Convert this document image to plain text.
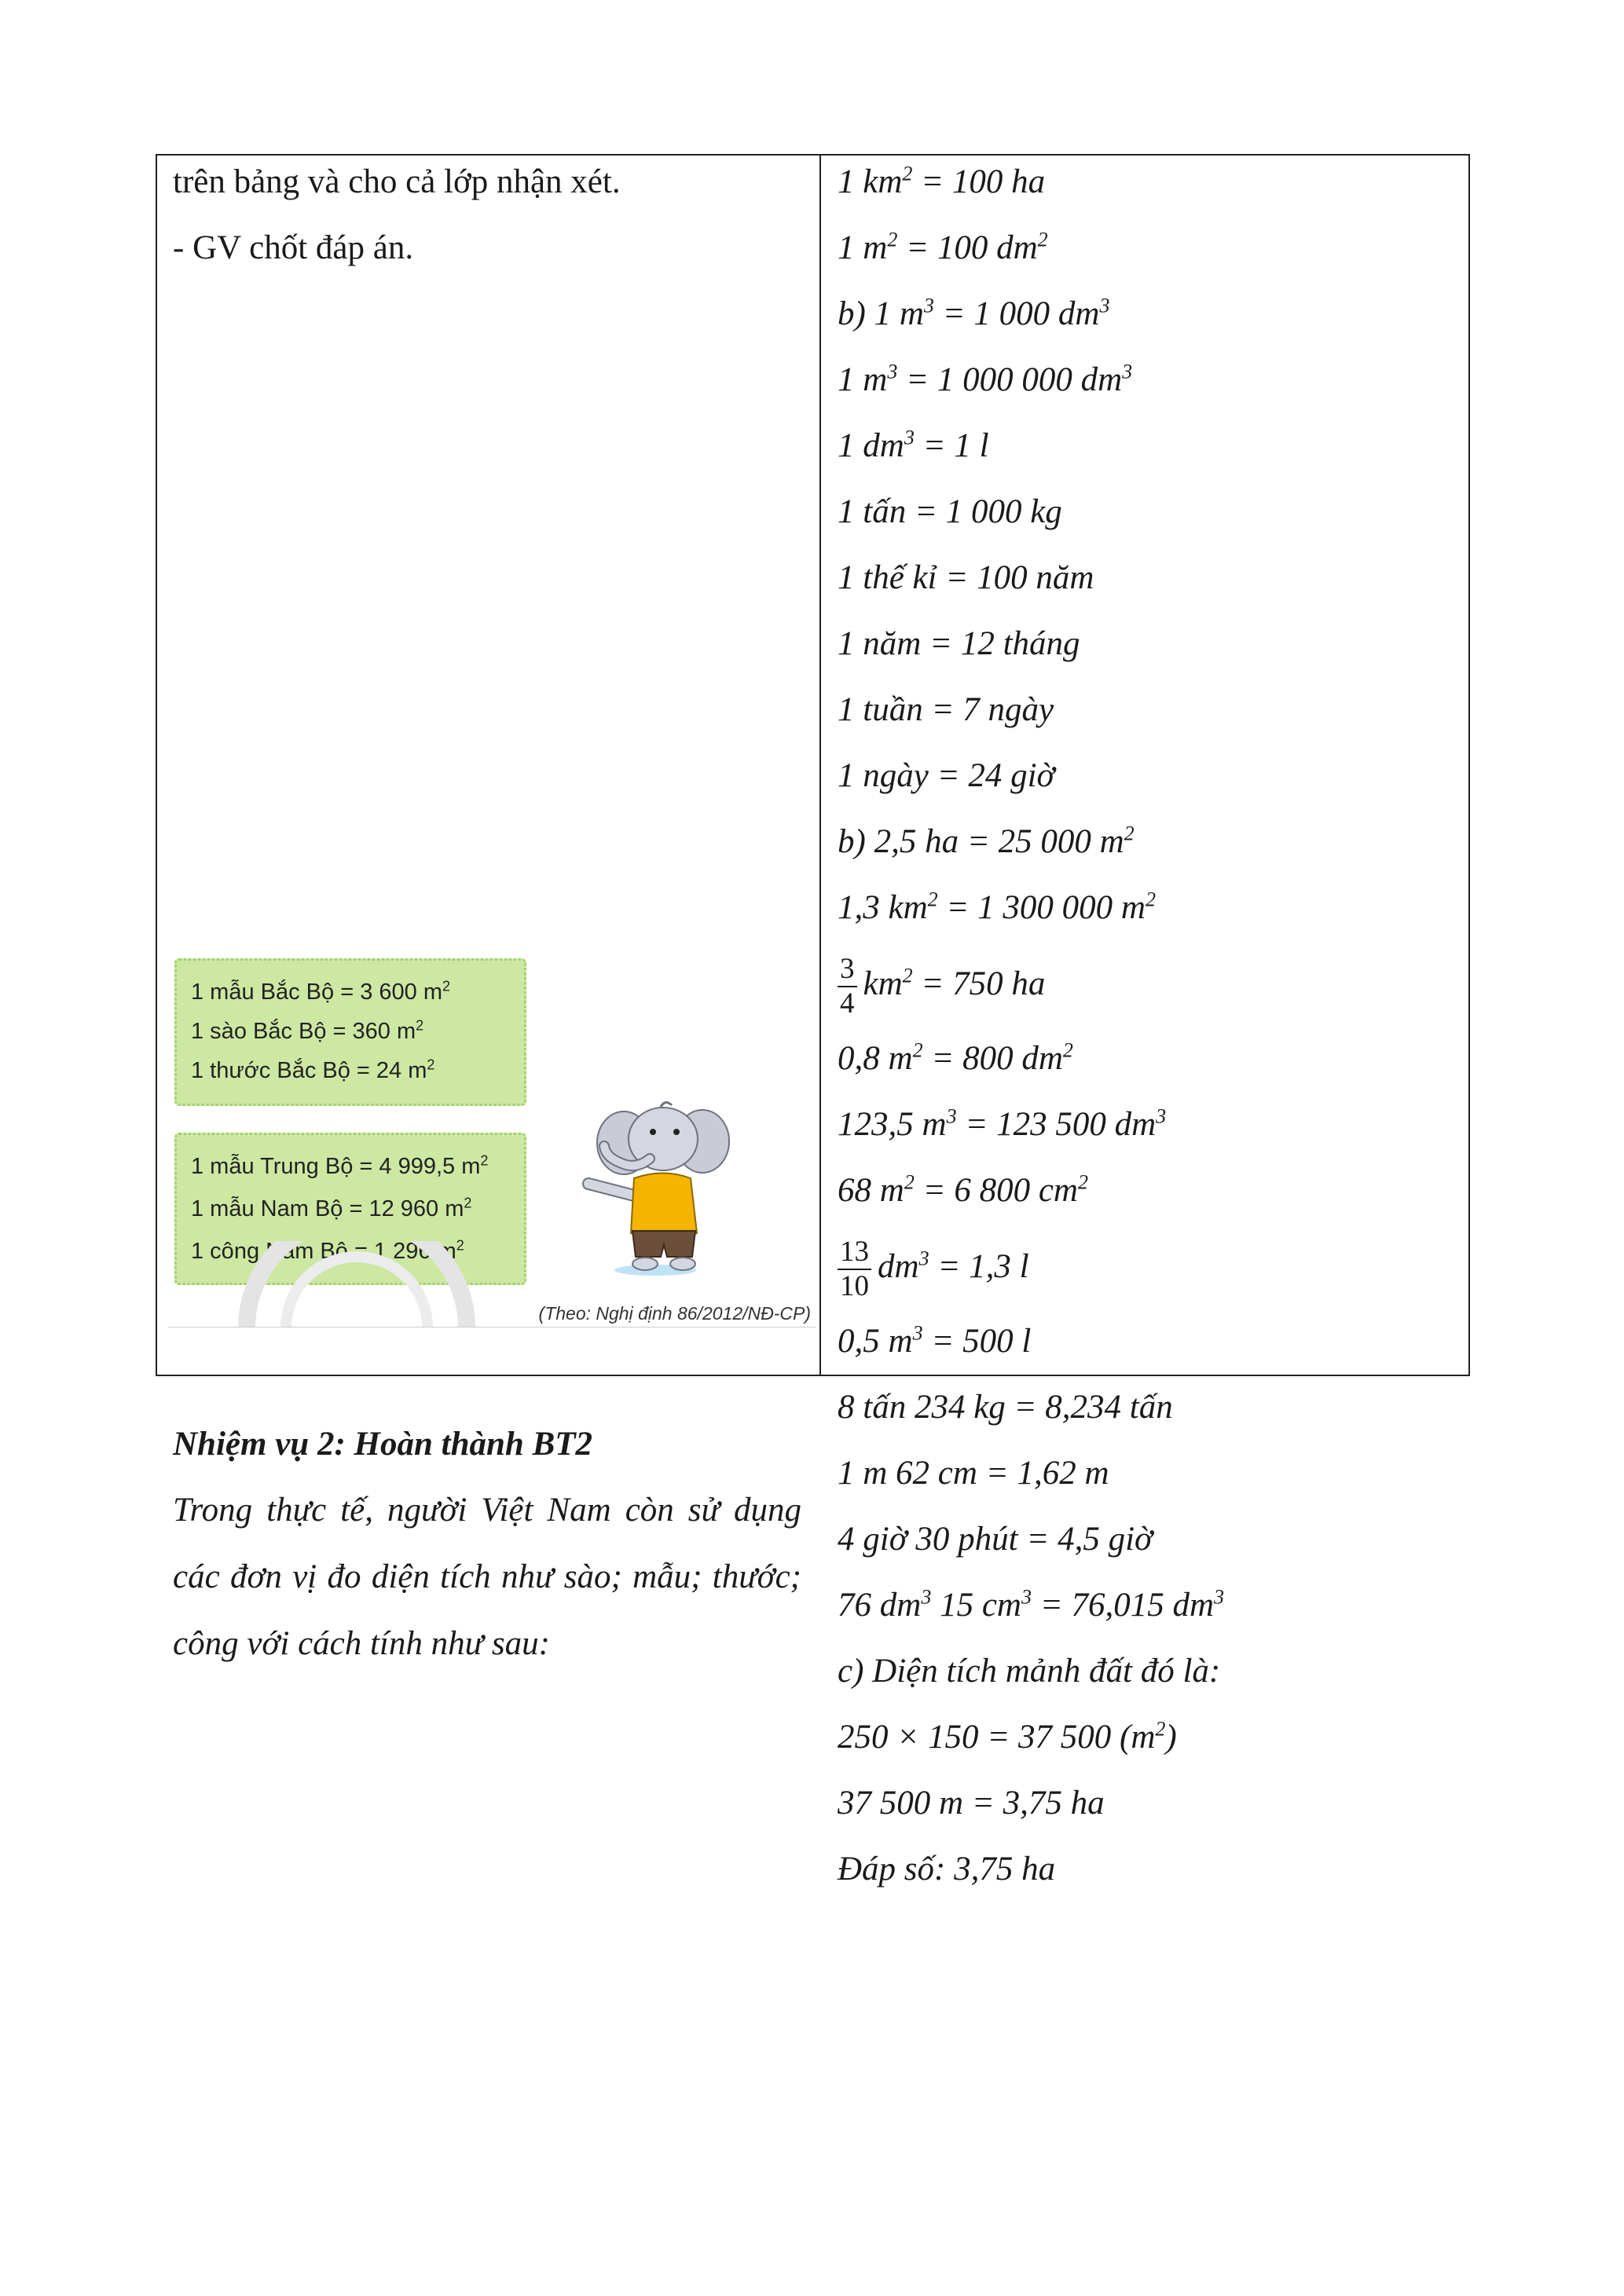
trên bảng và cho cả lớp nhận xét.
- GV chốt đáp án.
Nhiệm vụ 2: Hoàn thành BT2
Trong thực tế, người Việt Nam còn sử dụng các đơn vị đo diện tích như sào; mẫu; thước; công với cách tính như sau:
1 mẫu Bắc Bộ = 3 600 $m^2$
1 sào Bắc Bộ = 360 $m^2$
1 thước Bắc Bộ = 24 $m^2$
1 mẫu Trung Bộ = 4 999,5 $m^2$
1 mẫu Nam Bộ = 12 960 $m^2$
1 công Nam Bộ = 1 296 $m^2$
(Theo: Nghị định 86/2012/NĐ-CP)
1 $km^2 = 100$ ha
1 $m^2 = 100$ $dm^2$
b) 1 $m^3 = 1$ 000 $dm^3$
1 $m^3 = 1$ 000 000 $dm^3$
1 $dm^3 = 1$ l
1 tấn = 1 000 kg
1 thế kỉ = 100 năm
1 năm = 12 tháng
1 tuần = 7 ngày
1 ngày = 24 giờ
b) 2,5 ha = 25 000 $m^2$
1,3 $km^2 = 1$ 300 000 $m^2$
$\frac{3}{4} km^2 = 750$ ha
0,8 $m^2 = 800$ $dm^2$
123,5 $m^3 = 123$ 500 $dm^3$
68 $m^2 = 6$ 800 $cm^2$
$\frac{13}{10} dm^3 = 1,3$ l
0,5 $m^3 = 500$ l
8 tấn 234 kg = 8,234 tấn
1 m 62 cm = 1,62 m
4 giờ 30 phút = 4,5 giờ
76 $dm^3$ 15 $cm^3 = 76,015$ $dm^3$
c) Diện tích mảnh đất đó là:
250 × 150 = 37 500 $(m^2)$
37 500 m = 3,75 ha
Đáp số: 3,75 ha
